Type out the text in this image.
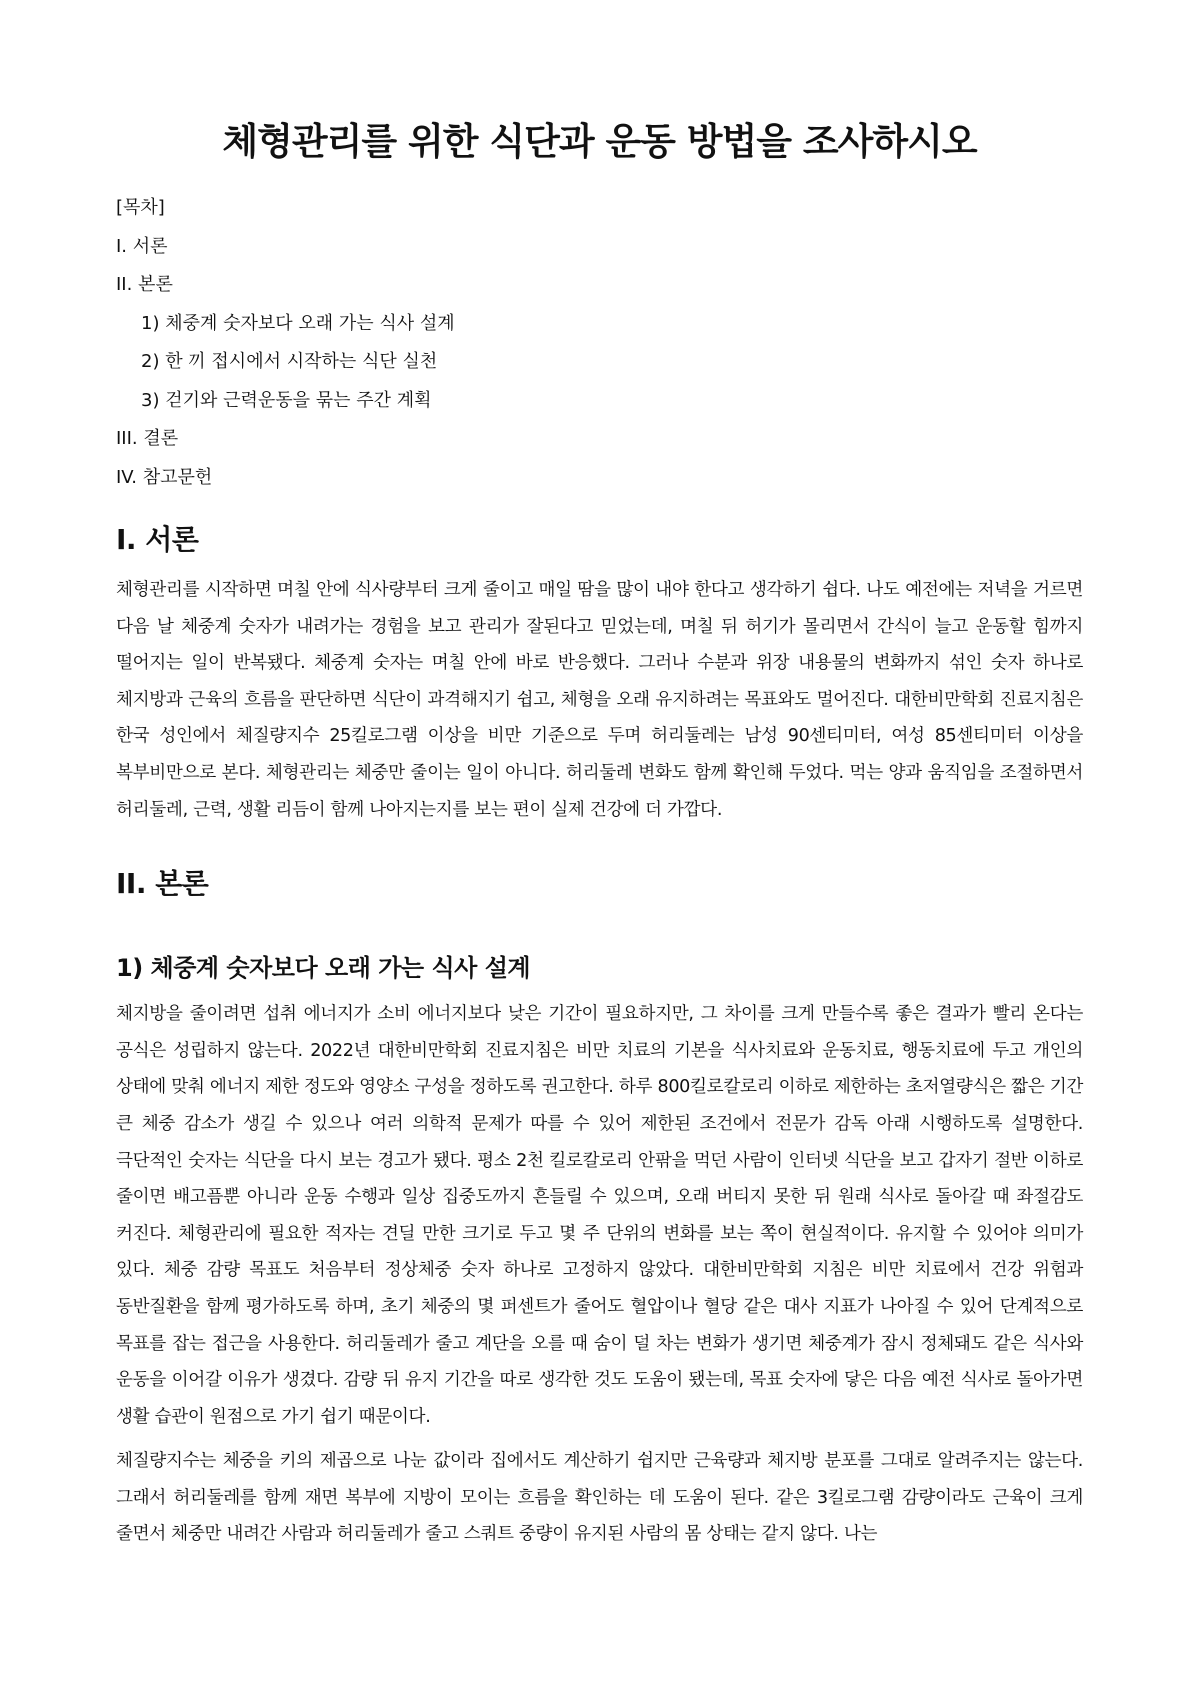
체형관리를 위한 식단과 운동 방법을 조사하시오

[목차]

I. 서론

II. 본론

1) 체중계 숫자보다 오래 가는 식사 설계

2) 한 끼 접시에서 시작하는 식단 실천

3) 걷기와 근력운동을 묶는 주간 계획

III. 결론

IV. 참고문헌

I. 서론

체형관리를 시작하면 며칠 안에 식사량부터 크게 줄이고 매일 땀을 많이 내야 한다고 생각하기 쉽다. 나도 예전에는 저녁을 거르면 다음 날 체중계 숫자가 내려가는 경험을 보고 관리가 잘된다고 믿었는데, 며칠 뒤 허기가 몰리면서 간식이 늘고 운동할 힘까지 떨어지는 일이 반복됐다. 체중계 숫자는 며칠 안에 바로 반응했다. 그러나 수분과 위장 내용물의 변화까지 섞인 숫자 하나로 체지방과 근육의 흐름을 판단하면 식단이 과격해지기 쉽고, 체형을 오래 유지하려는 목표와도 멀어진다. 대한비만학회 진료지침은 한국 성인에서 체질량지수 25킬로그램 이상을 비만 기준으로 두며 허리둘레는 남성 90센티미터, 여성 85센티미터 이상을 복부비만으로 본다. 체형관리는 체중만 줄이는 일이 아니다. 허리둘레 변화도 함께 확인해 두었다. 먹는 양과 움직임을 조절하면서 허리둘레, 근력, 생활 리듬이 함께 나아지는지를 보는 편이 실제 건강에 더 가깝다.

II. 본론
1) 체중계 숫자보다 오래 가는 식사 설계

체지방을 줄이려면 섭취 에너지가 소비 에너지보다 낮은 기간이 필요하지만, 그 차이를 크게 만들수록 좋은 결과가 빨리 온다는 공식은 성립하지 않는다. 2022년 대한비만학회 진료지침은 비만 치료의 기본을 식사치료와 운동치료, 행동치료에 두고 개인의 상태에 맞춰 에너지 제한 정도와 영양소 구성을 정하도록 권고한다. 하루 800킬로칼로리 이하로 제한하는 초저열량식은 짧은 기간 큰 체중 감소가 생길 수 있으나 여러 의학적 문제가 따를 수 있어 제한된 조건에서 전문가 감독 아래 시행하도록 설명한다. 극단적인 숫자는 식단을 다시 보는 경고가 됐다. 평소 2천 킬로칼로리 안팎을 먹던 사람이 인터넷 식단을 보고 갑자기 절반 이하로 줄이면 배고픔뿐 아니라 운동 수행과 일상 집중도까지 흔들릴 수 있으며, 오래 버티지 못한 뒤 원래 식사로 돌아갈 때 좌절감도 커진다. 체형관리에 필요한 적자는 견딜 만한 크기로 두고 몇 주 단위의 변화를 보는 쪽이 현실적이다. 유지할 수 있어야 의미가 있다. 체중 감량 목표도 처음부터 정상체중 숫자 하나로 고정하지 않았다. 대한비만학회 지침은 비만 치료에서 건강 위험과 동반질환을 함께 평가하도록 하며, 초기 체중의 몇 퍼센트가 줄어도 혈압이나 혈당 같은 대사 지표가 나아질 수 있어 단계적으로 목표를 잡는 접근을 사용한다. 허리둘레가 줄고 계단을 오를 때 숨이 덜 차는 변화가 생기면 체중계가 잠시 정체돼도 같은 식사와 운동을 이어갈 이유가 생겼다. 감량 뒤 유지 기간을 따로 생각한 것도 도움이 됐는데, 목표 숫자에 닿은 다음 예전 식사로 돌아가면 생활 습관이 원점으로 가기 쉽기 때문이다.

체질량지수는 체중을 키의 제곱으로 나눈 값이라 집에서도 계산하기 쉽지만 근육량과 체지방 분포를 그대로 알려주지는 않는다. 그래서 허리둘레를 함께 재면 복부에 지방이 모이는 흐름을 확인하는 데 도움이 된다. 같은 3킬로그램 감량이라도 근육이 크게 줄면서 체중만 내려간 사람과 허리둘레가 줄고 스쿼트 중량이 유지된 사람의 몸 상태는 같지 않다. 나는
